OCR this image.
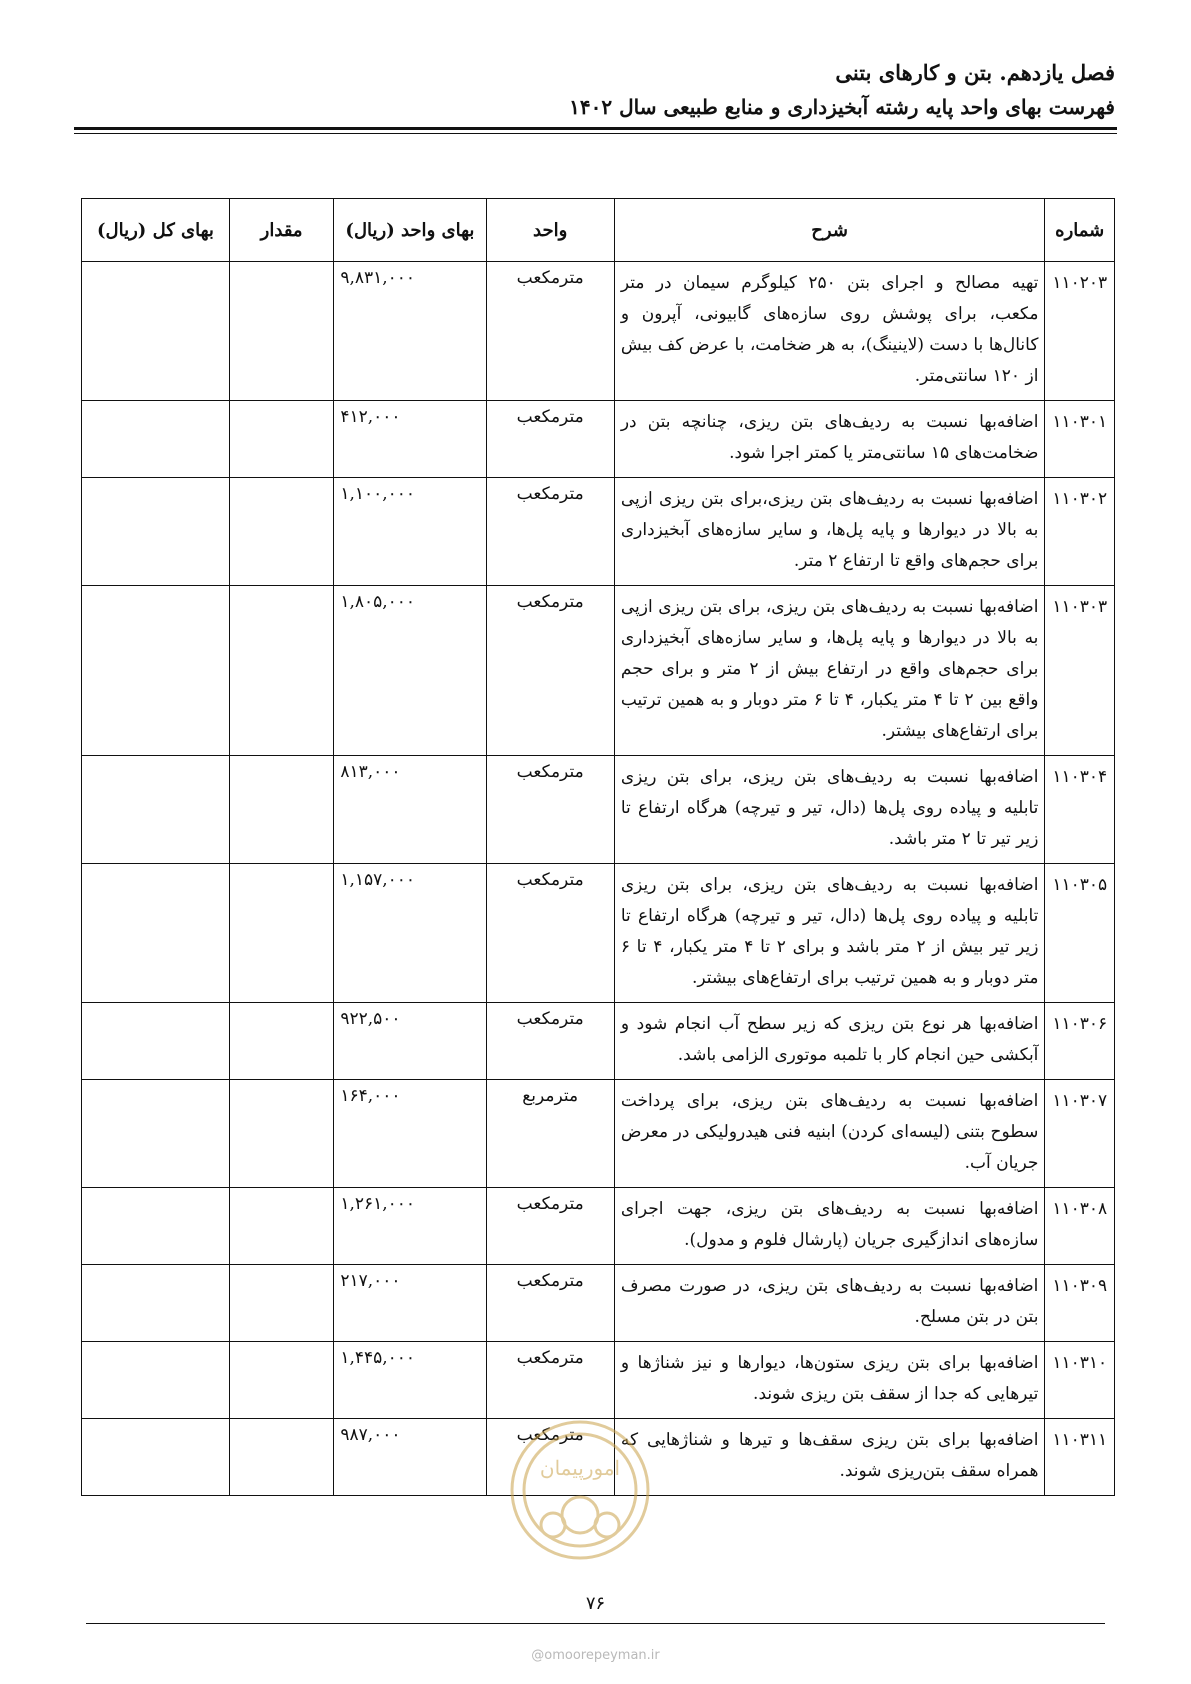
فصل یازدهم. بتن و کارهای بتنی
فهرست بهای واحد پایه رشته آبخیزداری و منابع طبیعی سال ۱۴۰۲
شماره	شرح	واحد	بهای واحد (ریال)	مقدار	بهای کل (ریال)
۱۱۰۲۰۳	تهیه مصالح و اجرای بتن ۲۵۰ کیلوگرم سیمان در متر مکعب، برای پوشش روی سازه‌های گابیونی، آپرون و کانال‌ها با دست (لاینینگ)، به هر ضخامت، با عرض کف بیش از ۱۲۰ سانتی‌متر.	مترمکعب	۹,۸۳۱,۰۰۰		
۱۱۰۳۰۱	اضافه‌بها نسبت به ردیف‌های بتن ریزی، چنانچه بتن در ضخامت‌های ۱۵ سانتی‌متر یا کمتر اجرا شود.	مترمکعب	۴۱۲,۰۰۰		
۱۱۰۳۰۲	اضافه‌بها نسبت به ردیف‌های بتن ریزی،برای بتن ریزی ازپی به بالا در دیوارها و پایه پل‌ها، و سایر سازه‌های آبخیزداری برای حجم‌های واقع تا ارتفاع ۲ متر.	مترمکعب	۱,۱۰۰,۰۰۰		
۱۱۰۳۰۳	اضافه‌بها نسبت به ردیف‌های بتن ریزی، برای بتن ریزی ازپی به بالا در دیوارها و پایه پل‌ها، و سایر سازه‌های آبخیزداری برای حجم‌های واقع در ارتفاع بیش از ۲ متر و برای حجم واقع بین ۲ تا ۴ متر یکبار، ۴ تا ۶ متر دوبار و به همین ترتیب برای ارتفاع‌های بیشتر.	مترمکعب	۱,۸۰۵,۰۰۰		
۱۱۰۳۰۴	اضافه‌بها نسبت به ردیف‌های بتن ریزی، برای بتن ریزی تابلیه و پیاده روی پل‌ها (دال، تیر و تیرچه) هرگاه ارتفاع تا زیر تیر تا ۲ متر باشد.	مترمکعب	۸۱۳,۰۰۰		
۱۱۰۳۰۵	اضافه‌بها نسبت به ردیف‌های بتن ریزی، برای بتن ریزی تابلیه و پیاده روی پل‌ها (دال، تیر و تیرچه) هرگاه ارتفاع تا زیر تیر بیش از ۲ متر باشد و برای ۲ تا ۴ متر یکبار، ۴ تا ۶ متر دوبار و به همین ترتیب برای ارتفاع‌های بیشتر.	مترمکعب	۱,۱۵۷,۰۰۰		
۱۱۰۳۰۶	اضافه‌بها هر نوع بتن ریزی که زیر سطح آب انجام شود و آبکشی حین انجام کار با تلمبه موتوری الزامی باشد.	مترمکعب	۹۲۲,۵۰۰		
۱۱۰۳۰۷	اضافه‌بها نسبت به ردیف‌های بتن ریزی، برای پرداخت سطوح بتنی (لیسه‌ای کردن) ابنیه فنی هیدرولیکی در معرض جریان آب.	مترمربع	۱۶۴,۰۰۰		
۱۱۰۳۰۸	اضافه‌بها نسبت به ردیف‌های بتن ریزی، جهت اجرای سازه‌های اندازگیری جریان (پارشال فلوم و مدول).	مترمکعب	۱,۲۶۱,۰۰۰		
۱۱۰۳۰۹	اضافه‌بها نسبت به ردیف‌های بتن ریزی، در صورت مصرف بتن در بتن مسلح.	مترمکعب	۲۱۷,۰۰۰		
۱۱۰۳۱۰	اضافه‌بها برای بتن ریزی ستون‌ها، دیوارها و نیز شناژها و تیرهایی که جدا از سقف بتن ریزی شوند.	مترمکعب	۱,۴۴۵,۰۰۰		
۱۱۰۳۱۱	اضافه‌بها برای بتن ریزی سقف‌ها و تیرها و شناژهایی که همراه سقف بتن‌ریزی شوند.	مترمکعب	۹۸۷,۰۰۰		
امورپیمان
۷۶
@omoorepeyman.ir
